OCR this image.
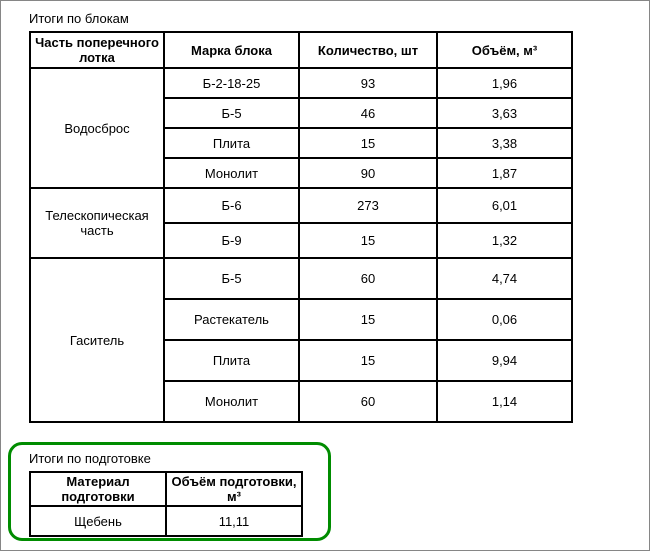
Итоги по блокам
Часть поперечного лотка	Марка блока	Количество, шт	Объём, м³
Водосброс	Б-2-18-25	93	1,96
	Б-5	46	3,63
	Плита	15	3,38
	Монолит	90	1,87
Телескопическая часть	Б-6	273	6,01
	Б-9	15	1,32
Гаситель	Б-5	60	4,74
	Растекатель	15	0,06
	Плита	15	9,94
	Монолит	60	1,14
Итоги по подготовке
Материал подготовки	Объём подготовки, м³
Щебень	11,11
